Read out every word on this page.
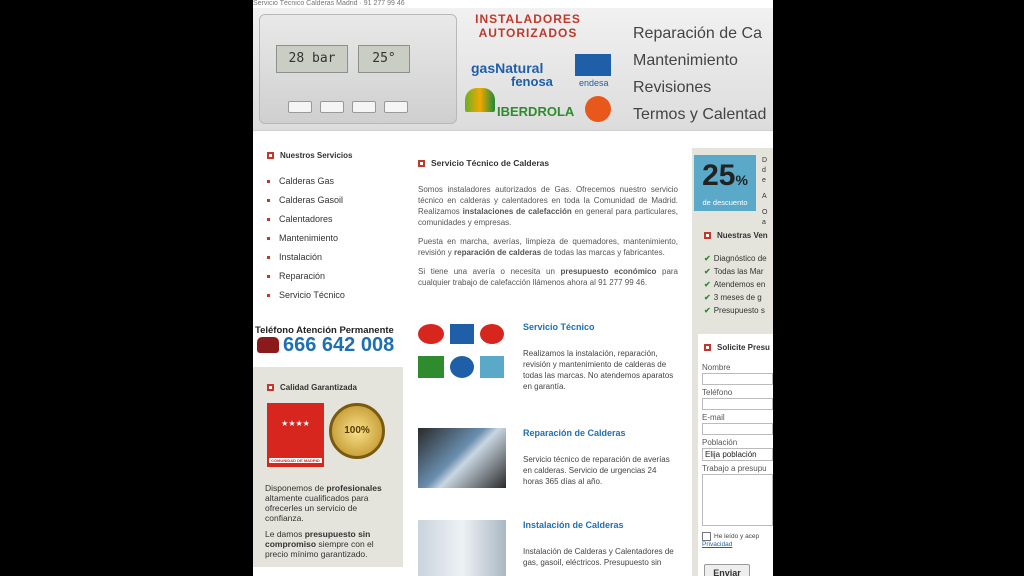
Servicio Técnico Calderas Madrid · 91 277 99 46
28 bar	25°
INSTALADORES
AUTORIZADOS
gasNatural
fenosa	endesa
IBERDROLA
Reparación de Ca
Mantenimiento
Revisiones
Termos y Calentad
Nuestros Servicios
Calderas Gas
Calderas Gasoil
Calentadores
Mantenimiento
Instalación
Reparación
Servicio Técnico
Teléfono Atención Permanente
666 642 008
Calidad Garantizada
★★★★
COMUNIDAD DE MADRID
100%

Disponemos de profesionales altamente cualificados para ofrecerles un servicio de confianza.

Le damos presupuesto sin compromiso siempre con el precio mínimo garantizado.

Servicio Técnico de Calderas

Somos instaladores autorizados de Gas. Ofrecemos nuestro servicio técnico en calderas y calentadores en toda la Comunidad de Madrid. Realizamos instalaciones de calefacción en general para particulares, comunidades y empresas.

Puesta en marcha, averías, limpieza de quemadores, mantenimiento, revisión y reparación de calderas de todas las marcas y fabricantes.

Si tiene una avería o necesita un presupuesto económico para cualquier trabajo de calefacción llámenos ahora al 91 277 99 46.

Servicio Técnico
Realizamos la instalación, reparación, revisión y mantenimiento de calderas de todas las marcas. No atendemos aparatos en garantía.
Reparación de Calderas
Servicio técnico de reparación de averías en calderas. Servicio de urgencias 24 horas 365 días al año.
Instalación de Calderas
Instalación de Calderas y Calentadores de gas, gasoil, eléctricos. Presupuesto sin
25%
de descuento
D
d
e
A
O
a
Nuestras Ven
✔ Diagnóstico de
✔ Todas las Mar
✔ Atendemos en
✔ 3 meses de g
✔ Presupuesto s
Solicite Presu
Nombre
Teléfono
E-mail
Población
Elija población
Trabajo a presupu
He leído y acep
Privacidad
Enviar
